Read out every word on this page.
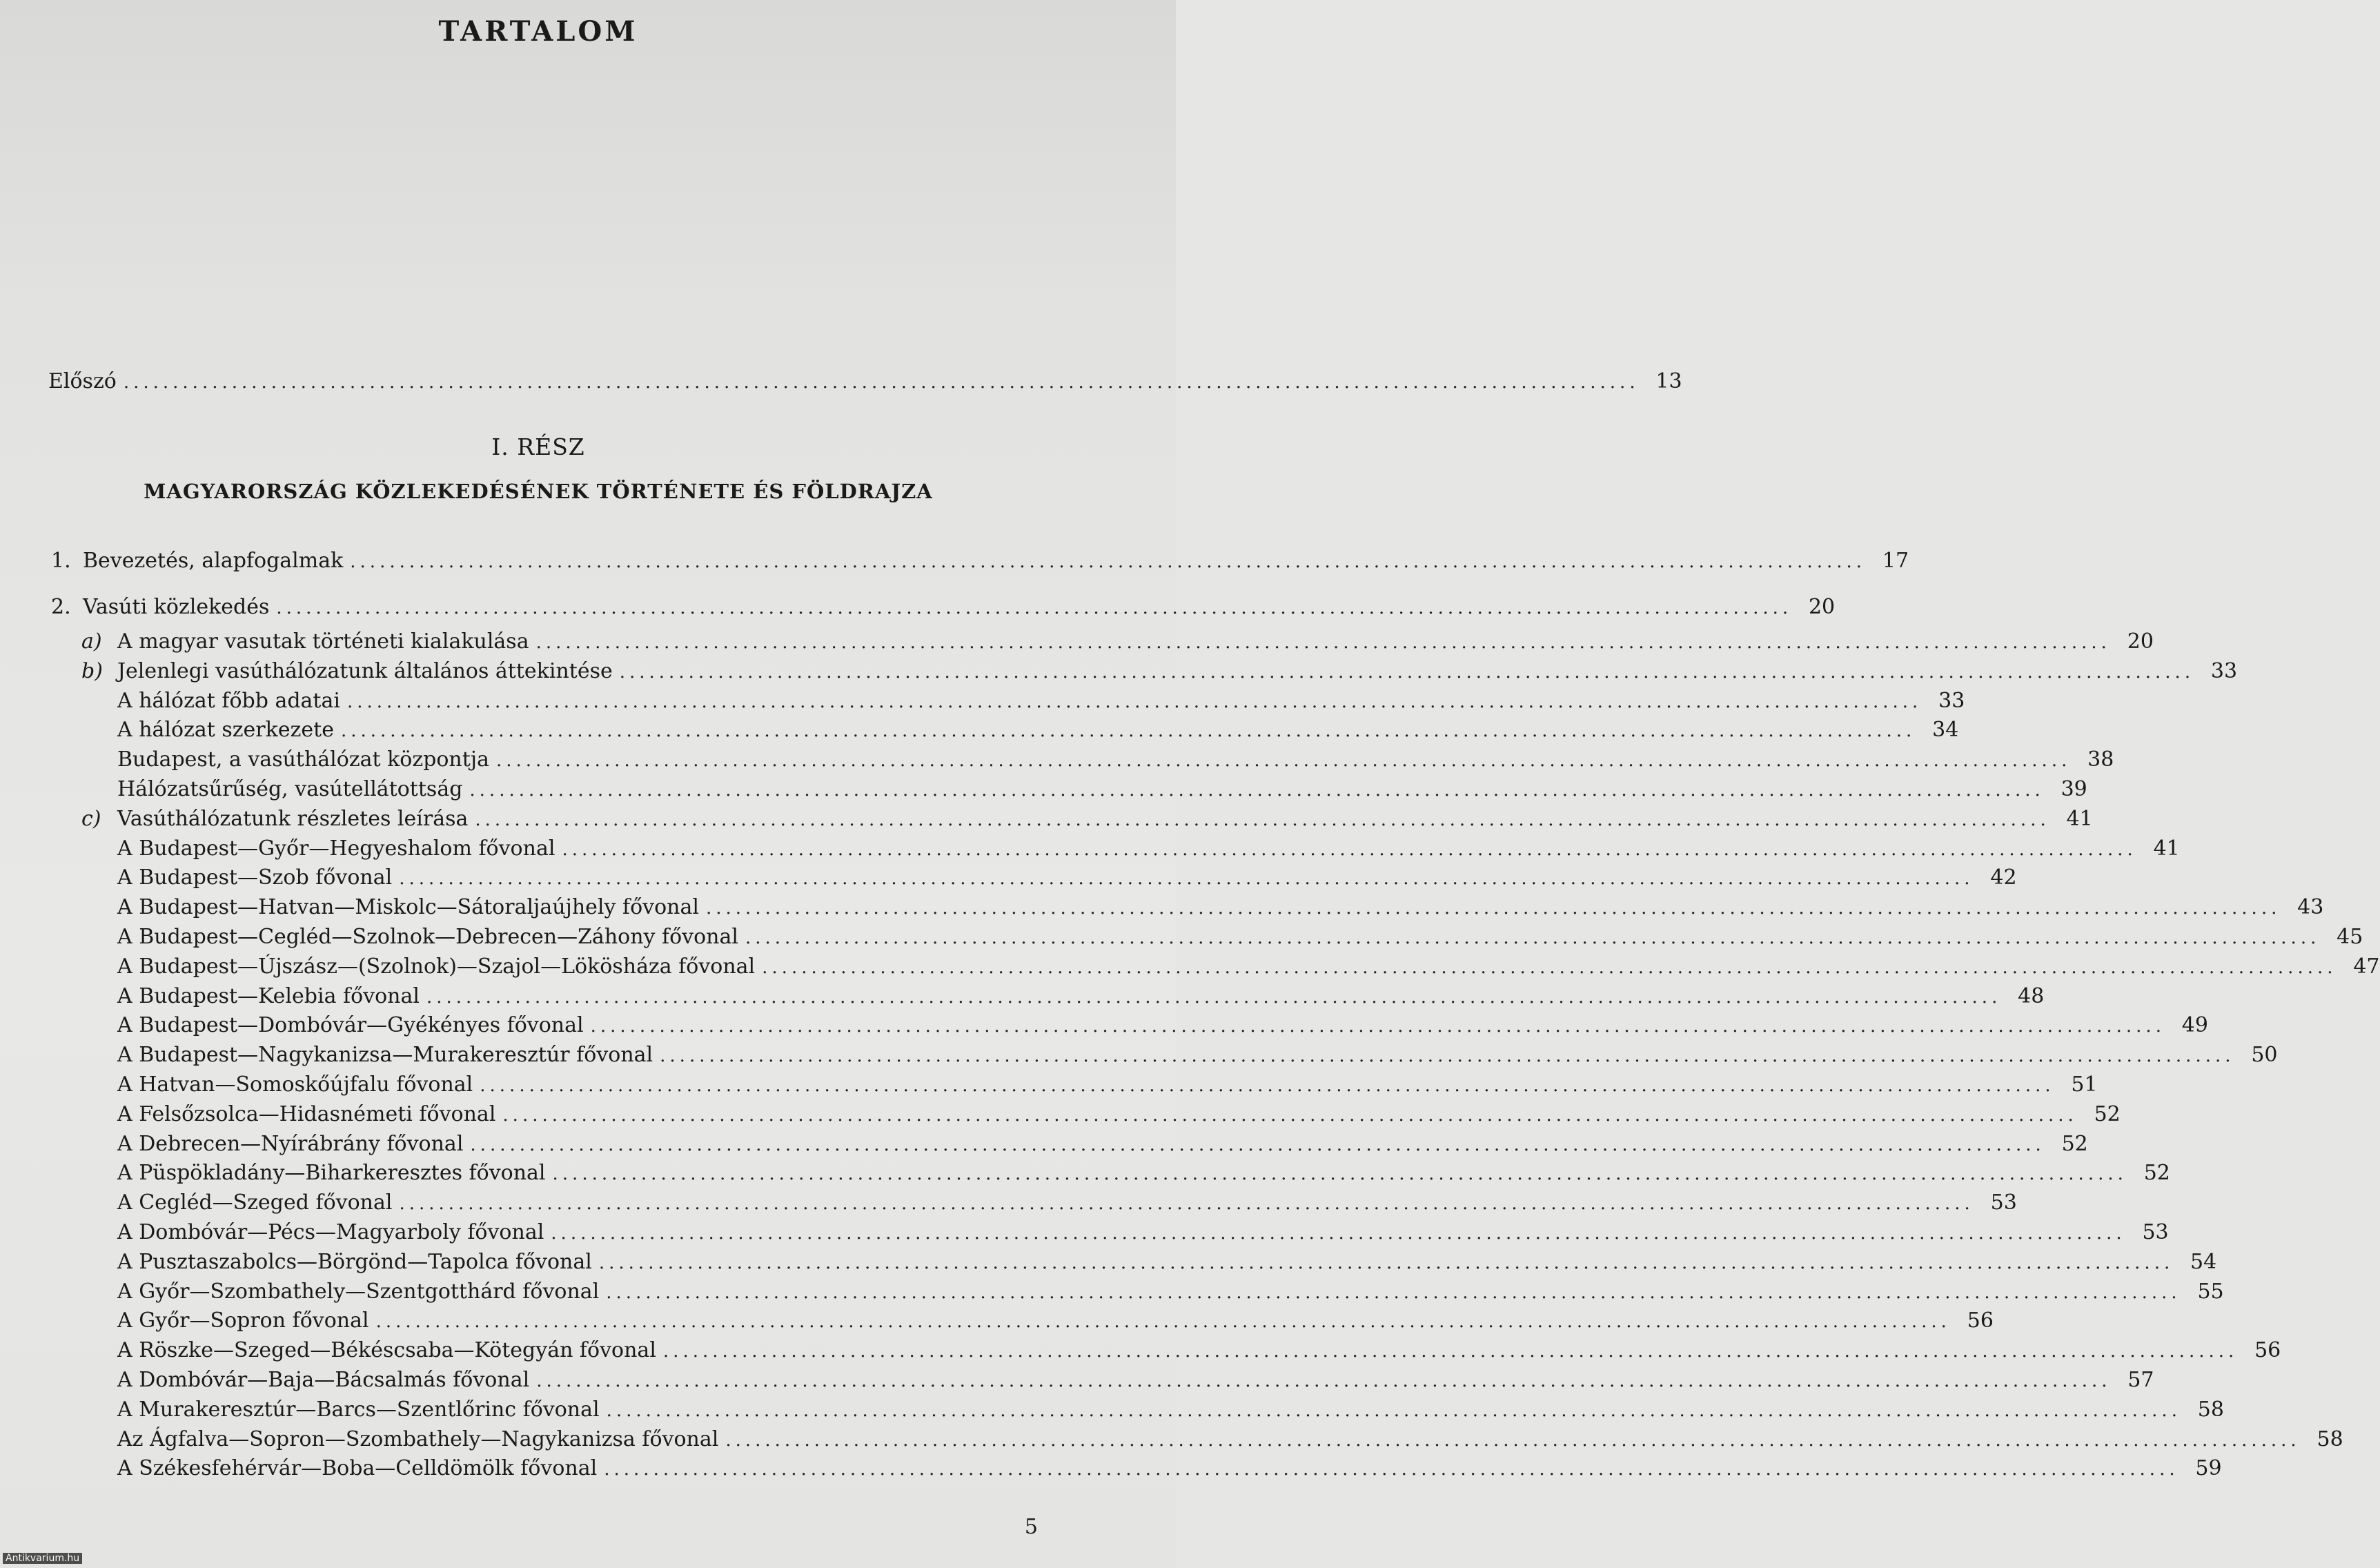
TARTALOM
Előszó .......................................................................................................................................................... 13
I. RÉSZ
MAGYARORSZÁG KÖZLEKEDÉSÉNEK TÖRTÉNETE ÉS FÖLDRAJZA
1. Bevezetés, alapfogalmak .......................................................................................................................................................... 17
2. Vasúti közlekedés .......................................................................................................................................................... 20
a) A magyar vasutak történeti kialakulása ................................................................................................................................................................ 20
b) Jelenlegi vasúthálózatunk általános áttekintése ................................................................................................................................................................ 33
A hálózat főbb adatai ................................................................................................................................................................ 33
A hálózat szerkezete ................................................................................................................................................................ 34
Budapest, a vasúthálózat központja ................................................................................................................................................................ 38
Hálózatsűrűség, vasútellátottság ................................................................................................................................................................ 39
c) Vasúthálózatunk részletes leírása ................................................................................................................................................................ 41
A Budapest—Győr—Hegyeshalom fővonal ................................................................................................................................................................ 41
A Budapest—Szob fővonal ................................................................................................................................................................ 42
A Budapest—Hatvan—Miskolc—Sátoraljaújhely fővonal ................................................................................................................................................................ 43
A Budapest—Cegléd—Szolnok—Debrecen—Záhony fővonal ................................................................................................................................................................ 45
A Budapest—Újszász—(Szolnok)—Szajol—Lökösháza fővonal ................................................................................................................................................................ 47
A Budapest—Kelebia fővonal ................................................................................................................................................................ 48
A Budapest—Dombóvár—Gyékényes fővonal ................................................................................................................................................................ 49
A Budapest—Nagykanizsa—Murakeresztúr fővonal ................................................................................................................................................................ 50
A Hatvan—Somoskőújfalu fővonal ................................................................................................................................................................ 51
A Felsőzsolca—Hidasnémeti fővonal ................................................................................................................................................................ 52
A Debrecen—Nyírábrány fővonal ................................................................................................................................................................ 52
A Püspökladány—Biharkeresztes fővonal ................................................................................................................................................................ 52
A Cegléd—Szeged fővonal ................................................................................................................................................................ 53
A Dombóvár—Pécs—Magyarboly fővonal ................................................................................................................................................................ 53
A Pusztaszabolcs—Börgönd—Tapolca fővonal ................................................................................................................................................................ 54
A Győr—Szombathely—Szentgotthárd fővonal ................................................................................................................................................................ 55
A Győr—Sopron fővonal ................................................................................................................................................................ 56
A Röszke—Szeged—Békéscsaba—Kötegyán fővonal ................................................................................................................................................................ 56
A Dombóvár—Baja—Bácsalmás fővonal ................................................................................................................................................................ 57
A Murakeresztúr—Barcs—Szentlőrinc fővonal ................................................................................................................................................................ 58
Az Ágfalva—Sopron—Szombathely—Nagykanizsa fővonal ................................................................................................................................................................ 58
A Székesfehérvár—Boba—Celldömölk fővonal ................................................................................................................................................................ 59
5
Antikvarium.hu
